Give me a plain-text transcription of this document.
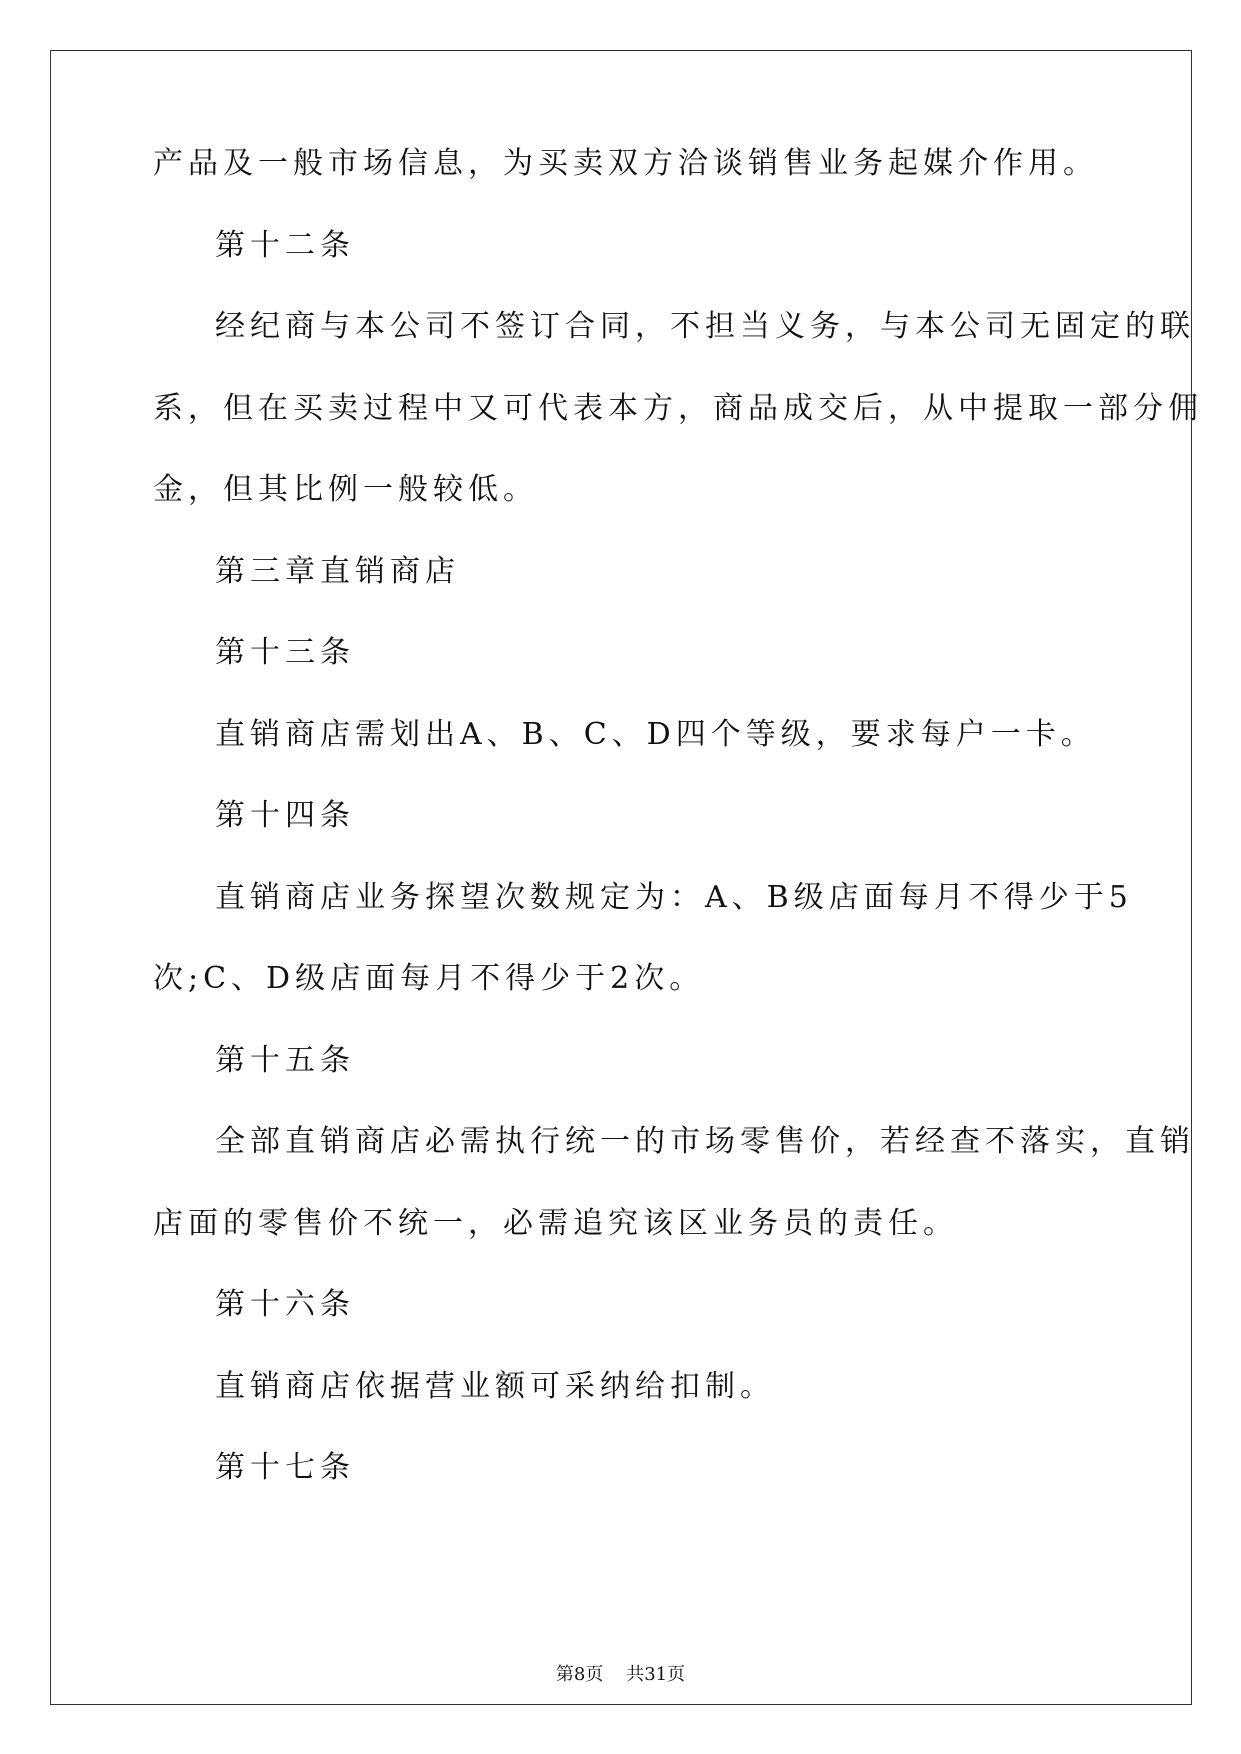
产品及一般市场信息，为买卖双方洽谈销售业务起媒介作用。
第十二条
经纪商与本公司不签订合同，不担当义务，与本公司无固定的联
系，但在买卖过程中又可代表本方，商品成交后，从中提取一部分佣
金，但其比例一般较低。
第三章直销商店
第十三条
直销商店需划出A、B、C、D四个等级，要求每户一卡。
第十四条
直销商店业务探望次数规定为：A、B级店面每月不得少于5
次;C、D级店面每月不得少于2次。
第十五条
全部直销商店必需执行统一的市场零售价，若经查不落实，直销
店面的零售价不统一，必需追究该区业务员的责任。
第十六条
直销商店依据营业额可采纳给扣制。
第十七条
第8页 共31页
